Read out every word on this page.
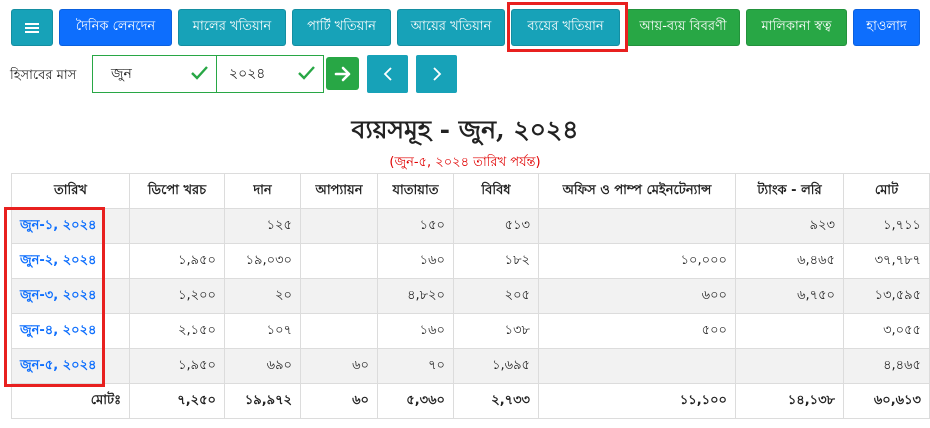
দৈনিক লেনদেন	মালের খতিয়ান	পার্টি খতিয়ান	আয়ের খতিয়ান	ব্যয়ের খতিয়ান	আয়-ব্যয় বিবরণী	মালিকানা স্বত্ব	হাওলাদ
হিসাবের মাস জুন	২০২৪
ব্যয়সমূহ - জুন, ২০২৪
(জুন-৫, ২০২৪ তারিখ পর্যন্ত)
তারিখ	ডিপো খরচ	দান	আপ্যায়ন	যাতায়াত	বিবিধ	অফিস ও পাম্প মেইনটেন্যান্স	ট্যাংক - লরি	মোট
জুন-১, ২০২৪		১২৫		১৫০	৫১৩		৯২৩	১,৭১১
জুন-২, ২০২৪	১,৯৫০	১৯,০৩০		১৬০	১৮২	১০,০০০	৬,৪৬৫	৩৭,৭৮৭
জুন-৩, ২০২৪	১,২০০	২০		৪,৮২০	২০৫	৬০০	৬,৭৫০	১৩,৫৯৫
জুন-৪, ২০২৪	২,১৫০	১০৭		১৬০	১৩৮	৫০০		৩,০৫৫
জুন-৫, ২০২৪	১,৯৫০	৬৯০	৬০	৭০	১,৬৯৫			৪,৪৬৫
মোটঃ	৭,২৫০	১৯,৯৭২	৬০	৫,৩৬০	২,৭৩৩	১১,১০০	১৪,১৩৮	৬০,৬১৩
